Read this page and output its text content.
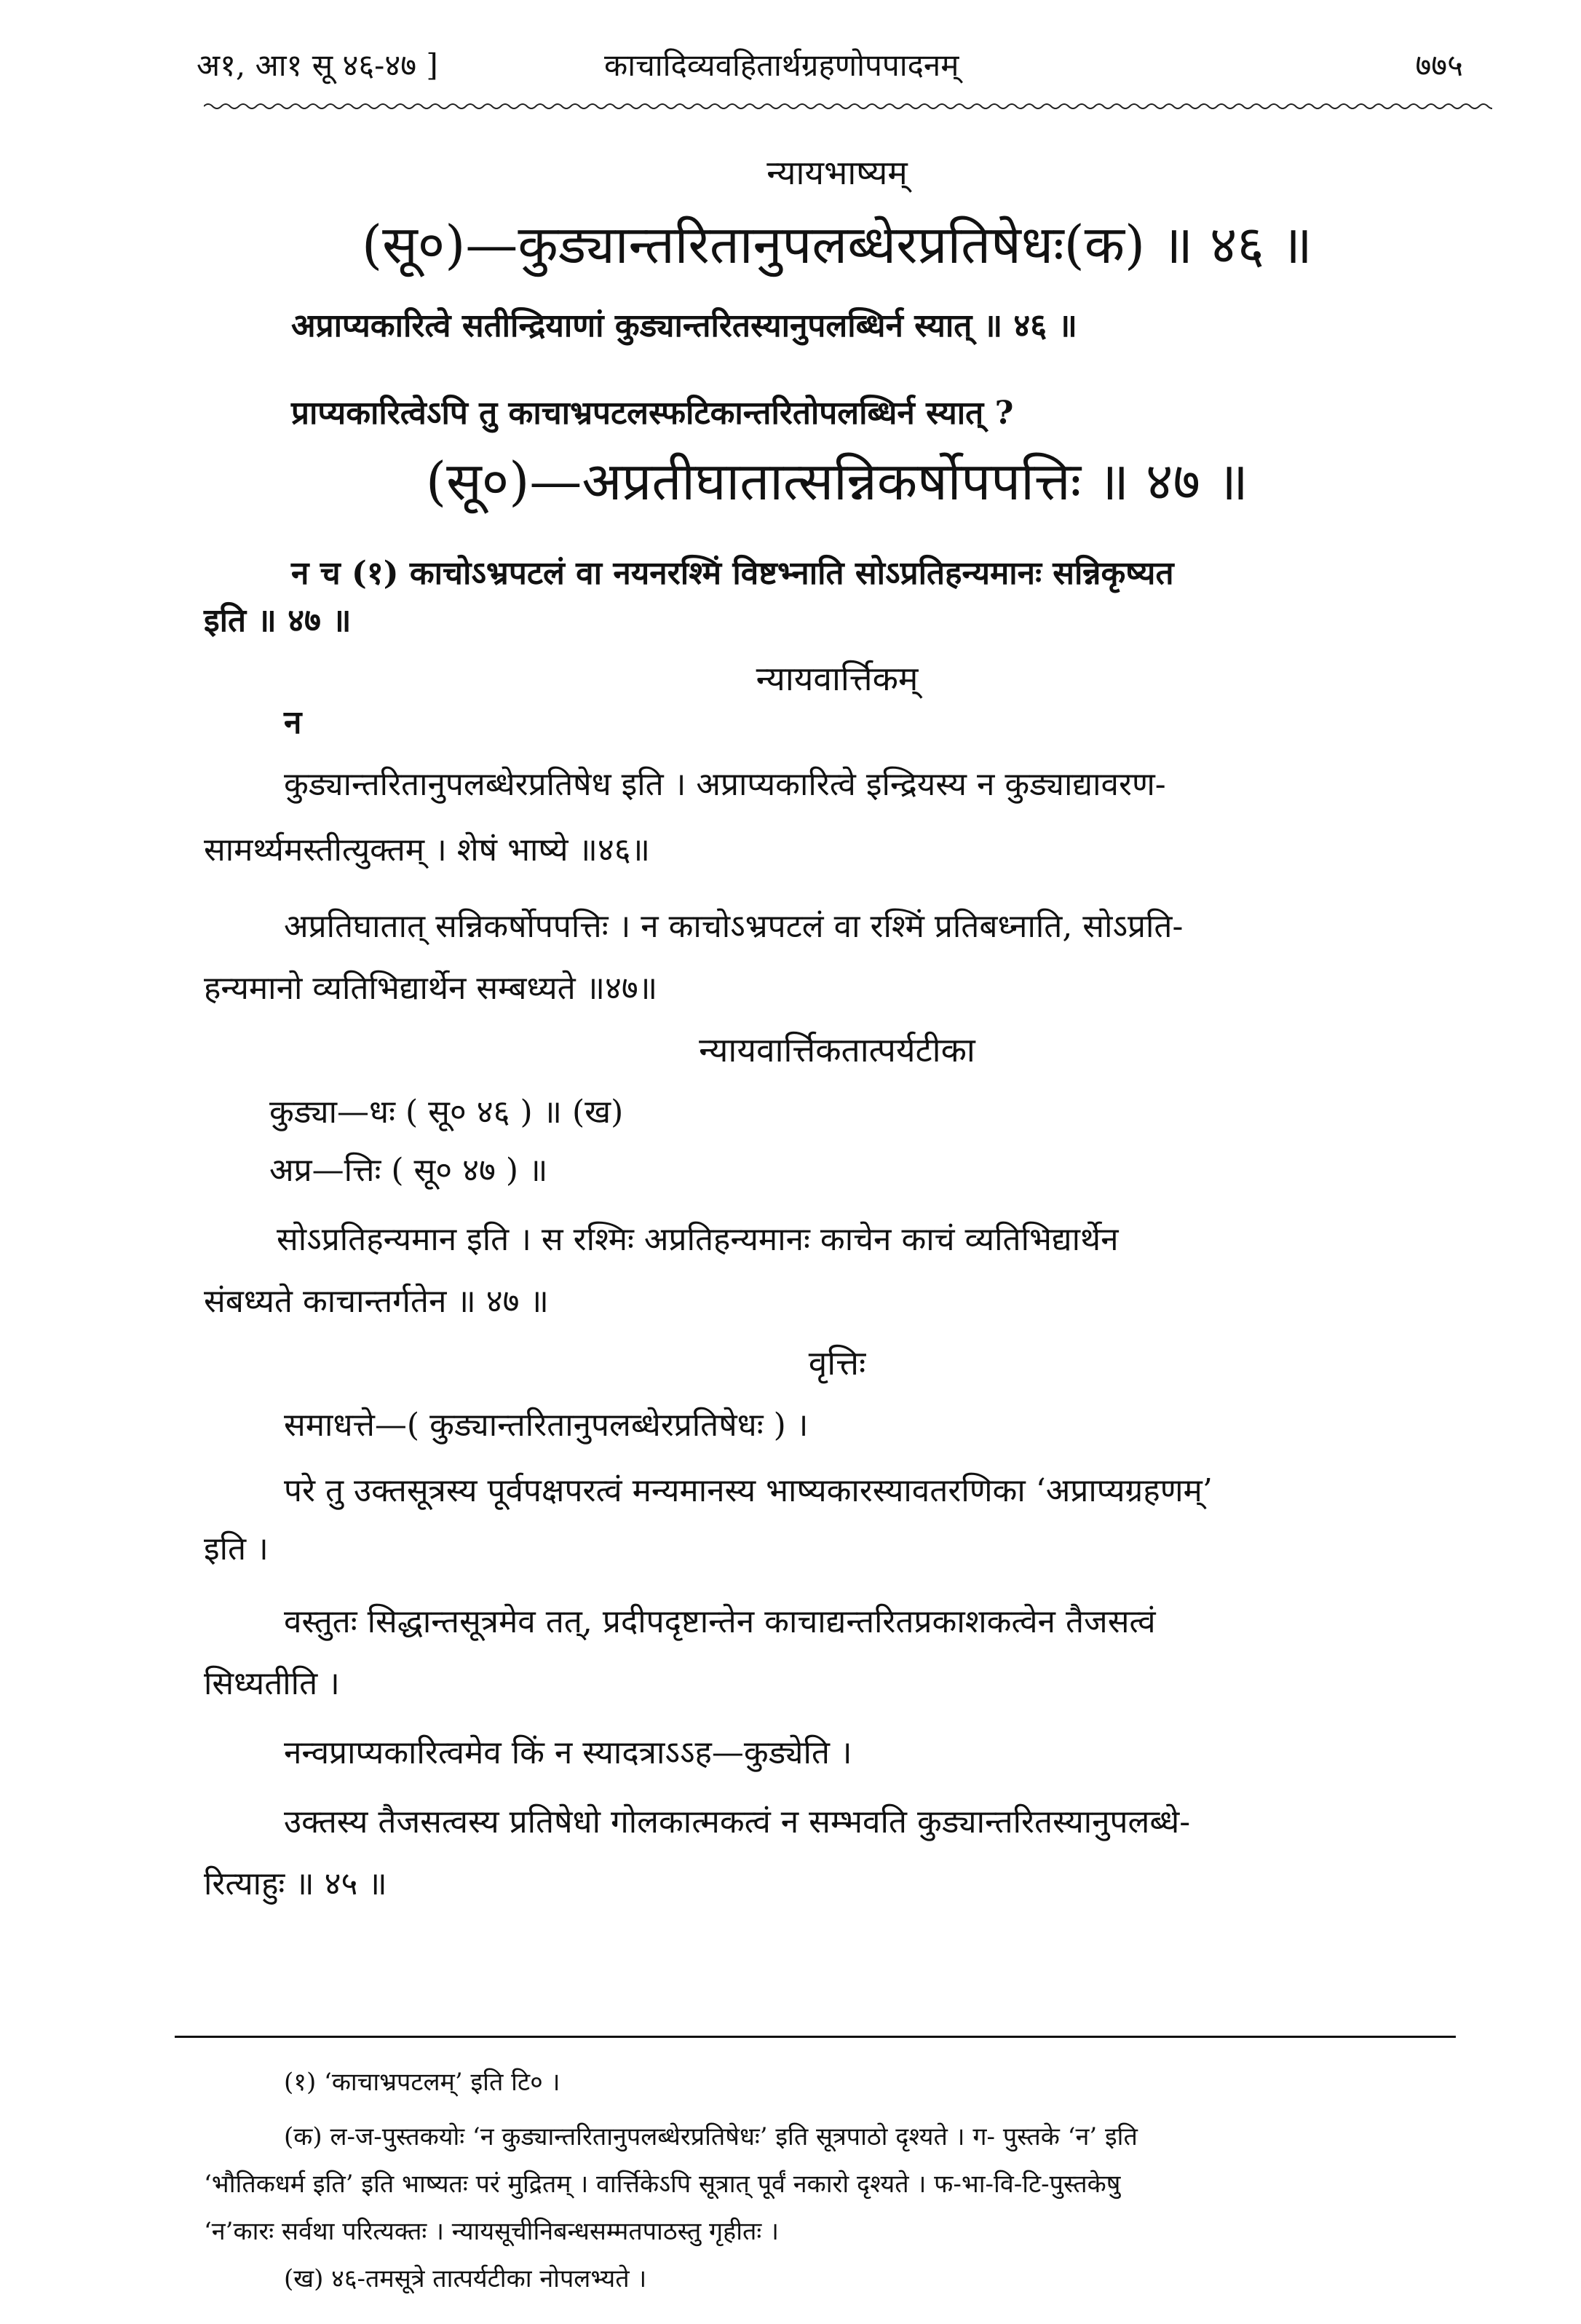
अ१, आ१ सू ४६-४७ ]	काचादिव्यवहितार्थग्रहणोपपादनम्	७७५
न्यायभाष्यम्
(सू०)—कुड्यान्तरितानुपलब्धेरप्रतिषेधः(क) ॥ ४६ ॥
अप्राप्यकारित्वे सतीन्द्रियाणां कुड्यान्तरितस्यानुपलब्धिर्न स्यात् ॥ ४६ ॥
प्राप्यकारित्वेऽपि तु काचाभ्रपटलस्फटिकान्तरितोपलब्धिर्न स्यात् ?
(सू०)—अप्रतीघातात्सन्निकर्षोपपत्तिः ॥ ४७ ॥
न च (१) काचोऽभ्रपटलं वा नयनरश्मिं विष्टभ्नाति सोऽप्रतिहन्यमानः सन्निकृष्यत
इति ॥ ४७ ॥
न्यायवार्त्तिकम्
न
कुड्यान्तरितानुपलब्धेरप्रतिषेध इति । अप्राप्यकारित्वे इन्द्रियस्य न कुड्याद्यावरण-
सामर्थ्यमस्तीत्युक्तम् । शेषं भाष्ये ॥४६॥
अप्रतिघातात् सन्निकर्षोपपत्तिः । न काचोऽभ्रपटलं वा रश्मिं प्रतिबध्नाति, सोऽप्रति-
हन्यमानो व्यतिभिद्यार्थेन सम्बध्यते ॥४७॥
न्यायवार्त्तिकतात्पर्यटीका
कुड्या—धः ( सू० ४६ ) ॥ (ख)
अप्र—त्तिः ( सू० ४७ ) ॥
सोऽप्रतिहन्यमान इति । स रश्मिः अप्रतिहन्यमानः काचेन काचं व्यतिभिद्यार्थेन
संबध्यते काचान्तर्गतेन ॥ ४७ ॥
वृत्तिः
समाधत्ते—( कुड्यान्तरितानुपलब्धेरप्रतिषेधः ) ।
परे तु उक्तसूत्रस्य पूर्वपक्षपरत्वं मन्यमानस्य भाष्यकारस्यावतरणिका ‘अप्राप्यग्रहणम्’
इति ।
वस्तुतः सिद्धान्तसूत्रमेव तत्, प्रदीपदृष्टान्तेन काचाद्यन्तरितप्रकाशकत्वेन तैजसत्वं
सिध्यतीति ।
नन्वप्राप्यकारित्वमेव किं न स्यादत्राऽऽह—कुड्येति ।
उक्तस्य तैजसत्वस्य प्रतिषेधो गोलकात्मकत्वं न सम्भवति कुड्यान्तरितस्यानुपलब्धे-
रित्याहुः ॥ ४५ ॥
(१) ‘काचाभ्रपटलम्’ इति टि० ।
(क) ल-ज-पुस्तकयोः ‘न कुड्यान्तरितानुपलब्धेरप्रतिषेधः’ इति सूत्रपाठो दृश्यते । ग- पुस्तके ‘न’ इति
‘भौतिकधर्म इति’ इति भाष्यतः परं मुद्रितम् । वार्त्तिकेऽपि सूत्रात् पूर्वं नकारो दृश्यते । फ-भा-वि-टि-पुस्तकेषु
‘न’कारः सर्वथा परित्यक्तः । न्यायसूचीनिबन्धसम्मतपाठस्तु गृहीतः ।
(ख) ४६-तमसूत्रे तात्पर्यटीका नोपलभ्यते ।
